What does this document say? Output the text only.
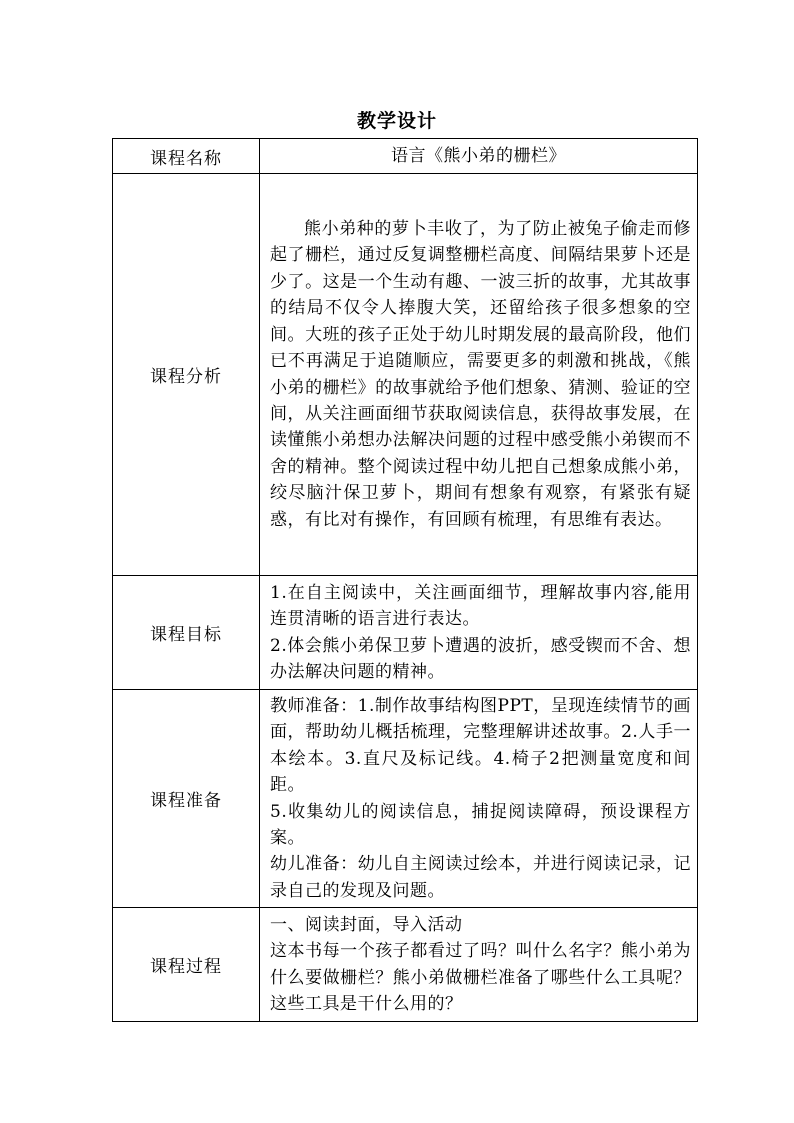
教学设计
课程名称	语言《熊小弟的栅栏》

课程分析	熊小弟种的萝卜丰收了，为了防止被兔子偷走而修起了栅栏，通过反复调整栅栏高度、间隔结果萝卜还是少了。这是一个生动有趣、一波三折的故事，尤其故事的结局不仅令人捧腹大笑，还留给孩子很多想象的空间。大班的孩子正处于幼儿时期发展的最高阶段，他们已不再满足于追随顺应，需要更多的刺激和挑战，《熊小弟的栅栏》的故事就给予他们想象、猜测、验证的空间，从关注画面细节获取阅读信息，获得故事发展，在读懂熊小弟想办法解决问题的过程中感受熊小弟锲而不舍的精神。整个阅读过程中幼儿把自己想象成熊小弟，绞尽脑汁保卫萝卜，期间有想象有观察，有紧张有疑惑，有比对有操作，有回顾有梳理，有思维有表达。

课程目标	1.在自主阅读中，关注画面细节，理解故事内容,能用连贯清晰的语言进行表达。

2.体会熊小弟保卫萝卜遭遇的波折，感受锲而不舍、想办法解决问题的精神。

课程准备	教师准备：1.制作故事结构图PPT，呈现连续情节的画面，帮助幼儿概括梳理，完整理解讲述故事。2.人手一本绘本。3.直尺及标记线。4.椅子2把测量宽度和间距。

5.收集幼儿的阅读信息，捕捉阅读障碍，预设课程方案。

幼儿准备：幼儿自主阅读过绘本，并进行阅读记录，记录自己的发现及问题。

课程过程	一、阅读封面，导入活动

这本书每一个孩子都看过了吗？叫什么名字？熊小弟为什么要做栅栏？熊小弟做栅栏准备了哪些什么工具呢？这些工具是干什么用的？
